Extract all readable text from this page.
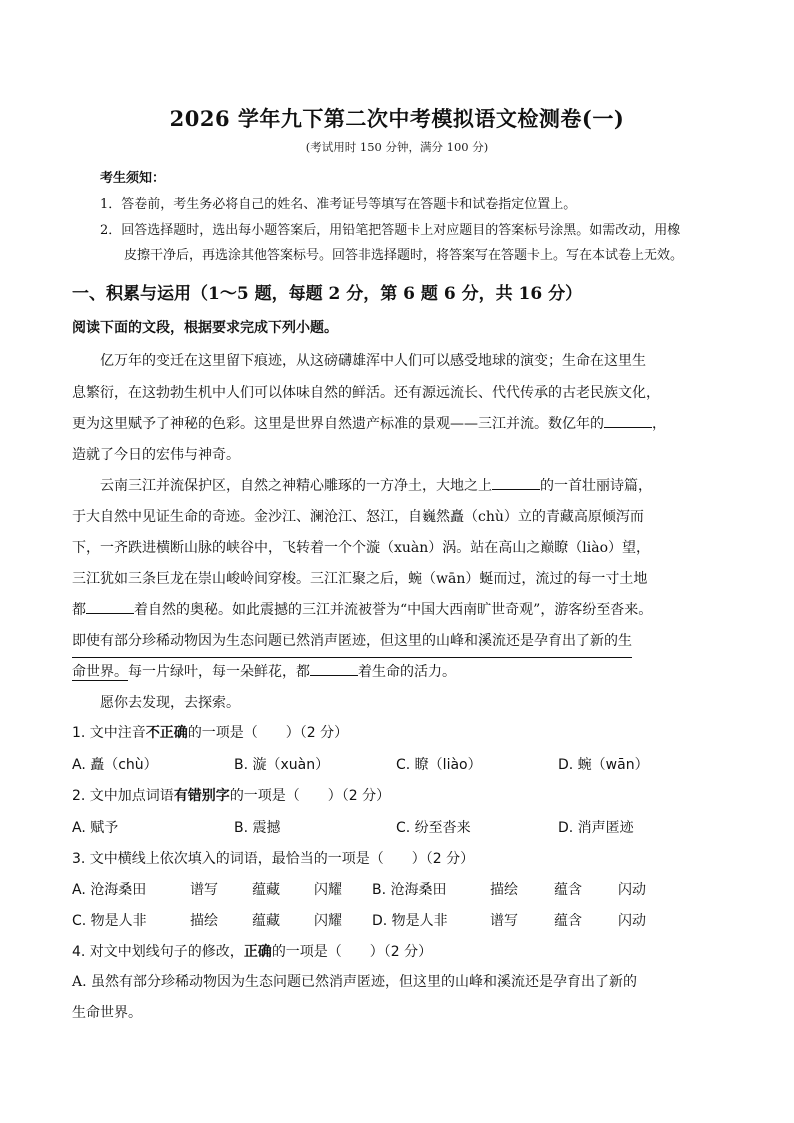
2026 学年九下第二次中考模拟语文检测卷(一)
(考试用时 150 分钟，满分 100 分)
考生须知：
1．答卷前，考生务必将自己的姓名、准考证号等填写在答题卡和试卷指定位置上。
2．回答选择题时，选出每小题答案后，用铅笔把答题卡上对应题目的答案标号涂黑。如需改动，用橡
皮擦干净后，再选涂其他答案标号。回答非选择题时，将答案写在答题卡上。写在本试卷上无效。
一、积累与运用（1～5 题，每题 2 分，第 6 题 6 分，共 16 分）
阅读下面的文段，根据要求完成下列小题。
亿万年的变迁在这里留下痕迹，从这磅礴雄浑中人们可以感受地球的演变；生命在这里生
息繁衍，在这勃勃生机中人们可以体味自然的鲜活。还有源远流长、代代传承的古老民族文化，
更为这里赋予了神秘的色彩。这里是世界自然遗产标准的景观——三江并流。数亿年的	，
造就了今日的宏伟与神奇。
云南三江并流保护区，自然之神精心雕琢的一方净土，大地之上	的一首壮丽诗篇，
于大自然中见证生命的奇迹。金沙江、澜沧江、怒江，自巍然矗（chù）立的青藏高原倾泻而
下，一齐跌进横断山脉的峡谷中，飞转着一个个漩（xuàn）涡。站在高山之巅瞭（liào）望，
三江犹如三条巨龙在崇山峻岭间穿梭。三江汇聚之后，蜿（wān）蜒而过，流过的每一寸土地
都	着自然的奥秘。如此震撼的三江并流被誉为“中国大西南旷世奇观”，游客纷至沓来。
即使有部分珍稀动物因为生态问题已然消声匿迹，但这里的山峰和溪流还是孕育出了新的生
命世界。每一片绿叶，每一朵鲜花，都	着生命的活力。
愿你去发现，去探索。
1. 文中注音不正确的一项是（　　）（2 分）
A. 矗（chù）	B. 漩（xuàn）	C. 瞭（liào）	D. 蜿（wān）
2. 文中加点词语有错别字的一项是（　　）（2 分）
A. 赋予	B. 震撼	C. 纷至沓来	D. 消声匿迹
3. 文中横线上依次填入的词语，最恰当的一项是（　　）（2 分）
A. 沧海桑田	谱写 蕴藏 闪耀 B. 沧海桑田	描绘	蕴含	闪动
C. 物是人非	描绘 蕴藏 闪耀 D. 物是人非	谱写	蕴含	闪动
4. 对文中划线句子的修改，正确的一项是（　　）（2 分）
A. 虽然有部分珍稀动物因为生态问题已然消声匿迹，但这里的山峰和溪流还是孕育出了新的
生命世界。
